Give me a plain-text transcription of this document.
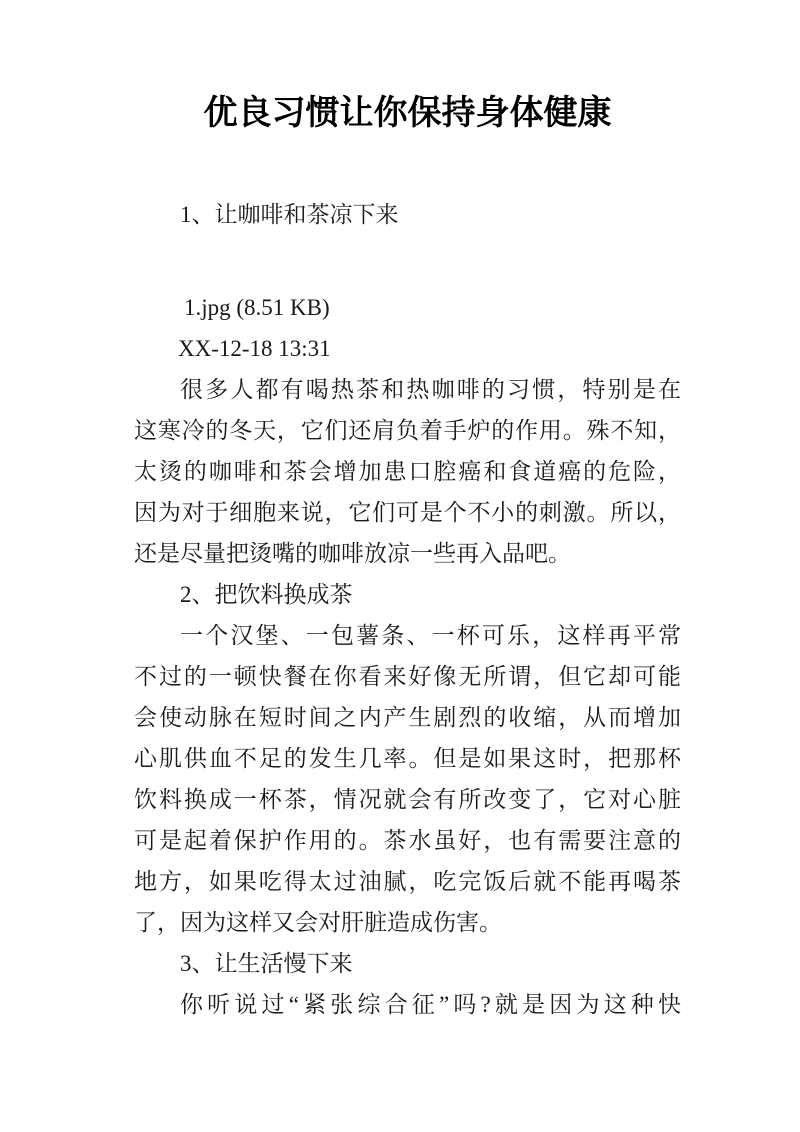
优良习惯让你保持身体健康
1、让咖啡和茶凉下来
1.jpg (8.51 KB)
XX-12-18 13:31
很多人都有喝热茶和热咖啡的习惯，特别是在
这寒冷的冬天，它们还肩负着手炉的作用。殊不知，
太烫的咖啡和茶会增加患口腔癌和食道癌的危险，
因为对于细胞来说，它们可是个不小的刺激。所以，
还是尽量把烫嘴的咖啡放凉一些再入品吧。
2、把饮料换成茶
一个汉堡、一包薯条、一杯可乐，这样再平常
不过的一顿快餐在你看来好像无所谓，但它却可能
会使动脉在短时间之内产生剧烈的收缩，从而增加
心肌供血不足的发生几率。但是如果这时，把那杯
饮料换成一杯茶，情况就会有所改变了，它对心脏
可是起着保护作用的。茶水虽好，也有需要注意的
地方，如果吃得太过油腻，吃完饭后就不能再喝茶
了，因为这样又会对肝脏造成伤害。
3、让生活慢下来
你听说过“紧张综合征”吗?就是因为这种快
